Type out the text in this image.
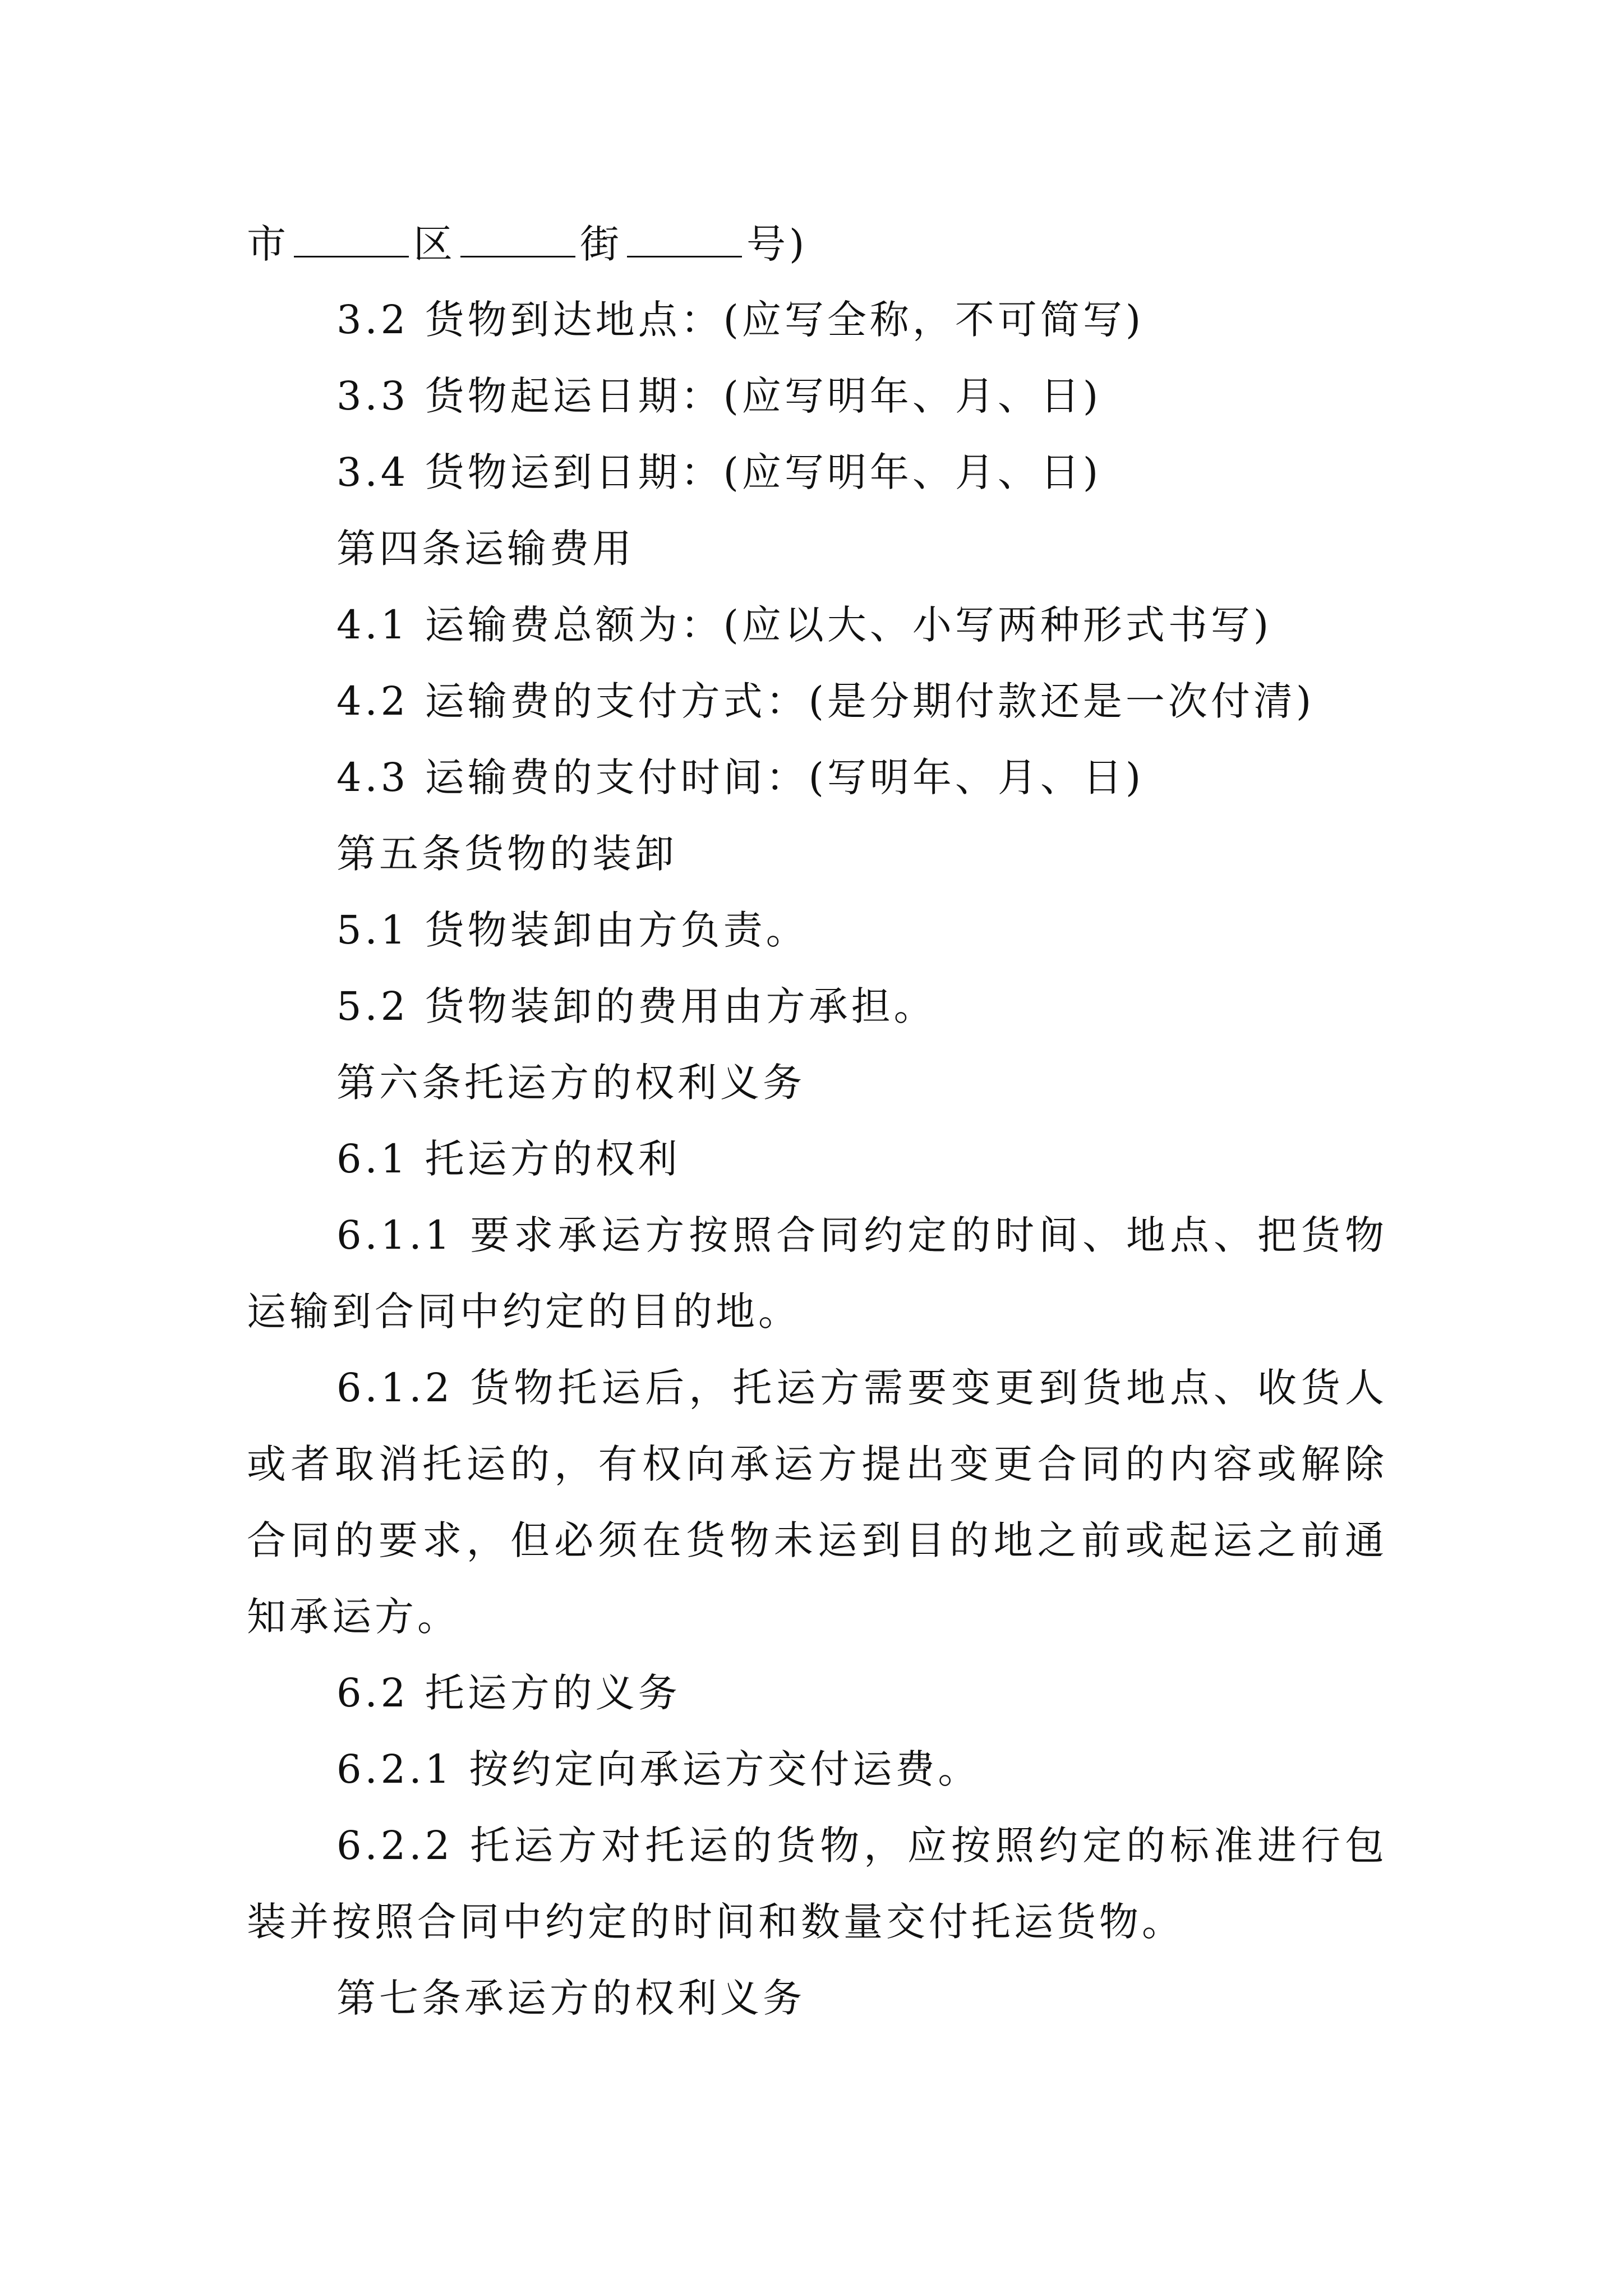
市	区	街	号)
3.2 货物到达地点：(应写全称，不可简写)
3.3 货物起运日期：(应写明年、月、日)
3.4 货物运到日期：(应写明年、月、日)
第四条运输费用
4.1 运输费总额为：(应以大、小写两种形式书写)
4.2 运输费的支付方式：(是分期付款还是一次付清)
4.3 运输费的支付时间：(写明年、月、日)
第五条货物的装卸
5.1 货物装卸由方负责。
5.2 货物装卸的费用由方承担。
第六条托运方的权利义务
6.1 托运方的权利
6.1.1 要求承运方按照合同约定的时间、地点、把货物
运输到合同中约定的目的地。
6.1.2 货物托运后，托运方需要变更到货地点、收货人
或者取消托运的，有权向承运方提出变更合同的内容或解除
合同的要求，但必须在货物未运到目的地之前或起运之前通
知承运方。
6.2 托运方的义务
6.2.1 按约定向承运方交付运费。
6.2.2 托运方对托运的货物，应按照约定的标准进行包
装并按照合同中约定的时间和数量交付托运货物。
第七条承运方的权利义务
